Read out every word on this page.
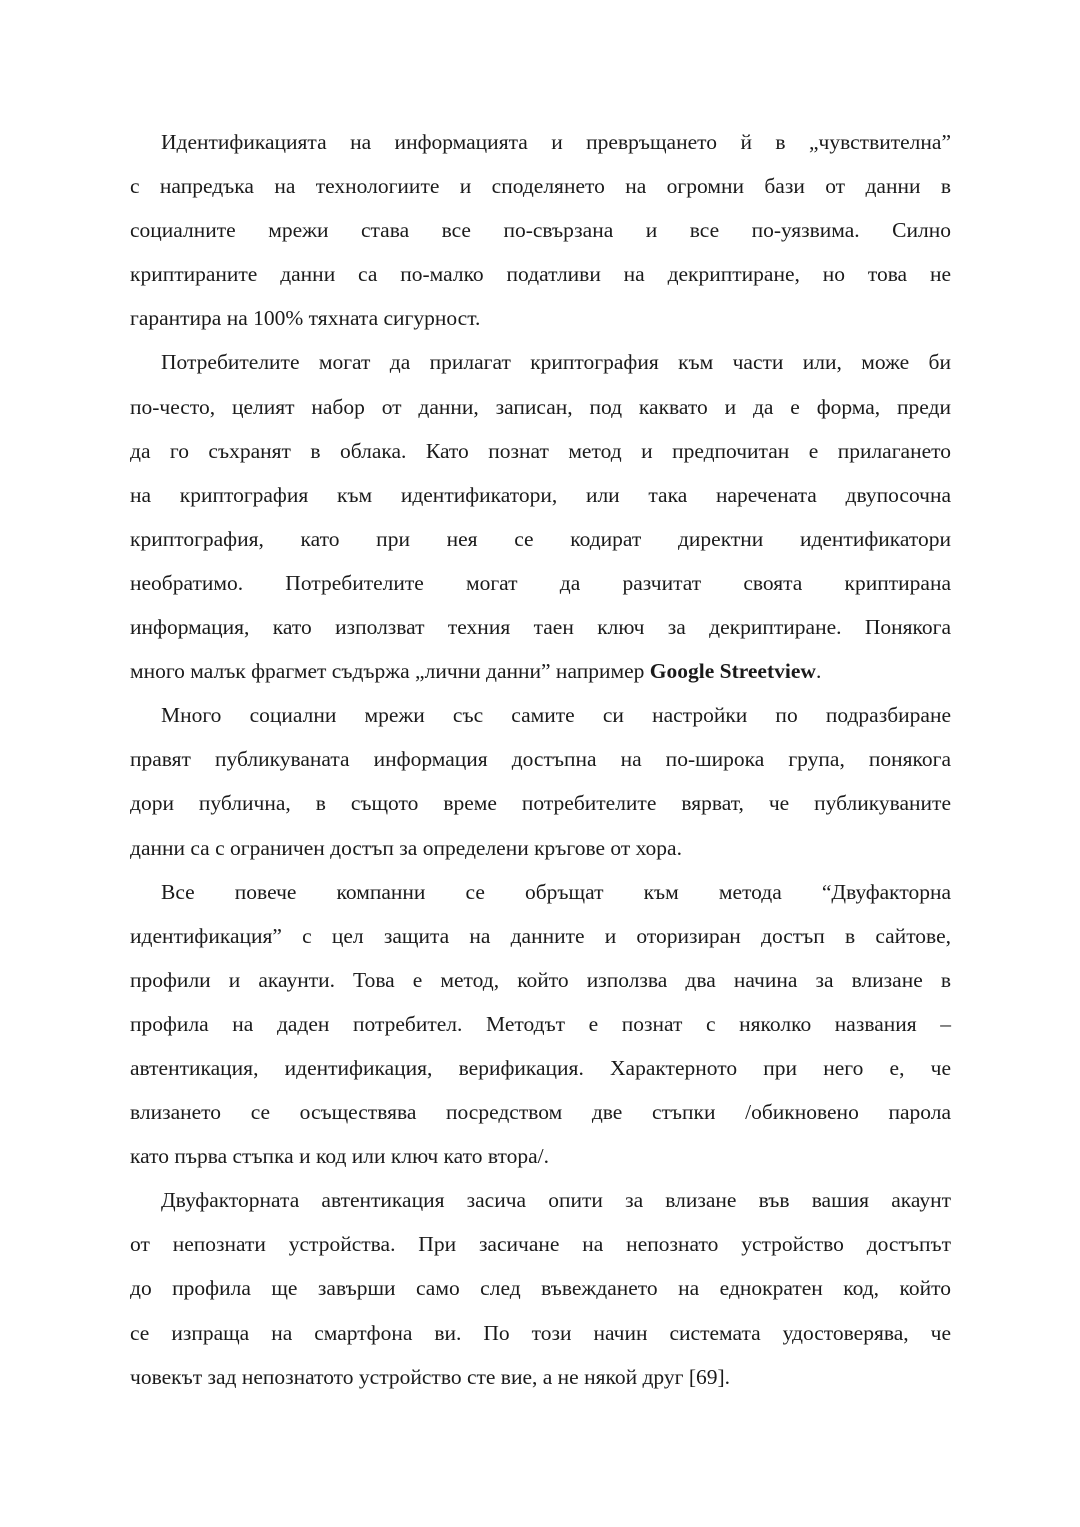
Идентификацията на информацията и превръщането й в „чувствителна”
с напредъка на технологиите и споделянето на огромни бази от данни в
социалните мрежи става все по-свързана и все по-уязвима. Силно
криптираните данни са по-малко податливи на декриптиране, но това не
гарантира на 100% тяхната сигурност.
Потребителите могат да прилагат криптография към части или, може би
по-често, целият набор от данни, записан, под каквато и да е форма, преди
да го съхранят в облака. Като познат метод и предпочитан е прилагането
на криптография към идентификатори, или така наречената двупосочна
криптография, като при нея се кодират директни идентификатори
необратимо. Потребителите могат да разчитат своята криптирана
информация, като използват техния таен ключ за декриптиране. Понякога
много малък фрагмет съдържа „лични данни” например Google Streetview.
Много социални мрежи със самите си настройки по подразбиране
правят публикуваната информация достъпна на по-широка група, понякога
дори публична, в същото време потребителите вярват, че публикуваните
данни са с ограничен достъп за определени кръгове от хора.
Все повече компанни се обръщат към метода “Двуфакторна
идентификация” с цел защита на данните и оторизиран достъп в сайтове,
профили и акаунти. Това е метод, който използва два начина за влизане в
профила на даден потребител. Методът е познат с няколко названия –
автентикация, идентификация, верификация. Характерното при него е, че
влизането се осъществява посредством две стъпки /обикновено парола
като първа стъпка и код или ключ като втора/.
Двуфакторната автентикация засича опити за влизане във вашия акаунт
от непознати устройства. При засичане на непознато устройство достъпът
до профила ще завърши само след въвеждането на еднократен код, който
се изпраща на смартфона ви. По този начин системата удостоверява, че
човекът зад непознатото устройство сте вие, а не някой друг [69].
